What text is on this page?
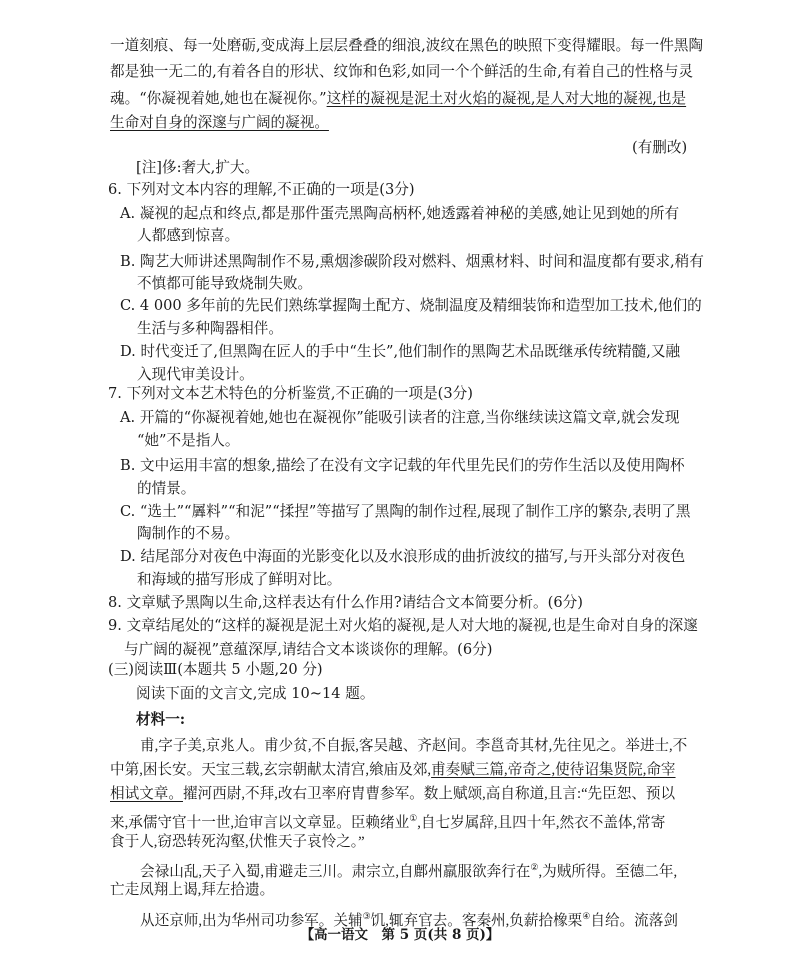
一道刻痕、每一处磨砺,变成海上层层叠叠的细浪,波纹在黑色的映照下变得耀眼。每一件黑陶
都是独一无二的,有着各自的形状、纹饰和色彩,如同一个个鲜活的生命,有着自己的性格与灵
魂。“你凝视着她,她也在凝视你。”这样的凝视是泥土对火焰的凝视,是人对大地的凝视,也是
生命对自身的深邃与广阔的凝视。
(有删改)
[注]侈:奢大,扩大。
6. 下列对文本内容的理解,不正确的一项是(3分)
A. 凝视的起点和终点,都是那件蛋壳黑陶高柄杯,她透露着神秘的美感,她让见到她的所有
人都感到惊喜。
B. 陶艺大师讲述黑陶制作不易,熏烟渗碳阶段对燃料、烟熏材料、时间和温度都有要求,稍有
不慎都可能导致烧制失败。
C. 4 000 多年前的先民们熟练掌握陶土配方、烧制温度及精细装饰和造型加工技术,他们的
生活与多种陶器相伴。
D. 时代变迁了,但黑陶在匠人的手中“生长”,他们制作的黑陶艺术品既继承传统精髓,又融
入现代审美设计。
7. 下列对文本艺术特色的分析鉴赏,不正确的一项是(3分)
A. 开篇的“你凝视着她,她也在凝视你”能吸引读者的注意,当你继续读这篇文章,就会发现
“她”不是指人。
B. 文中运用丰富的想象,描绘了在没有文字记载的年代里先民们的劳作生活以及使用陶杯
的情景。
C. “选土”“羼料”“和泥”“揉捏”等描写了黑陶的制作过程,展现了制作工序的繁杂,表明了黑
陶制作的不易。
D. 结尾部分对夜色中海面的光影变化以及水浪形成的曲折波纹的描写,与开头部分对夜色
和海域的描写形成了鲜明对比。
8. 文章赋予黑陶以生命,这样表达有什么作用?请结合文本简要分析。(6分)
9. 文章结尾处的“这样的凝视是泥土对火焰的凝视,是人对大地的凝视,也是生命对自身的深邃
与广阔的凝视”意蕴深厚,请结合文本谈谈你的理解。(6分)
(三)阅读Ⅲ(本题共 5 小题,20 分)
阅读下面的文言文,完成 10~14 题。
材料一:
甫,字子美,京兆人。甫少贫,不自振,客吴越、齐赵间。李邕奇其材,先往见之。举进士,不
中第,困长安。天宝三载,玄宗朝献太清宫,飨庙及郊,甫奏赋三篇,帝奇之,使待诏集贤院,命宰
相试文章。擢河西尉,不拜,改右卫率府胄曹参军。数上赋颂,高自称道,且言:“先臣恕、预以
来,承儒守官十一世,迨审言以文章显。臣赖绪业①,自七岁属辞,且四十年,然衣不盖体,常寄
食于人,窃恐转死沟壑,伏惟天子哀怜之。”
会禄山乱,天子入蜀,甫避走三川。肃宗立,自鄜州羸服欲奔行在②,为贼所得。至德二年,
亡走凤翔上谒,拜左拾遗。
从还京师,出为华州司功参军。关辅③饥,辄弃官去。客秦州,负薪拾橡栗④自给。流落剑
【高一语文　第 5 页(共 8 页)】
